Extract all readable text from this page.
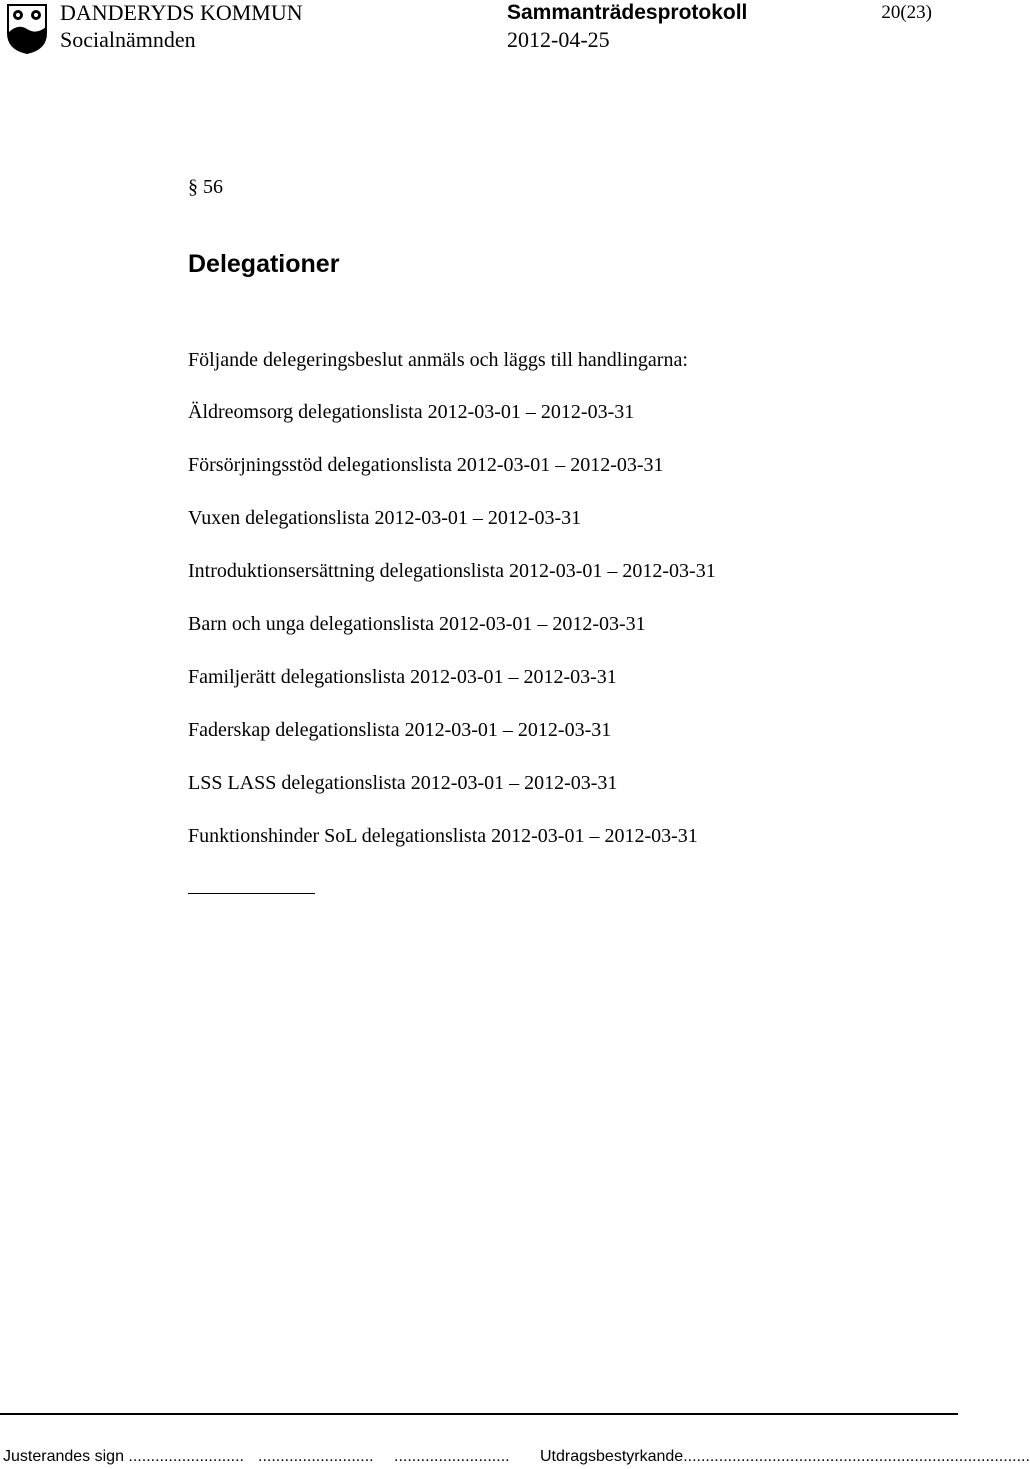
DANDERYDS KOMMUN
Socialnämnden
Sammanträdesprotokoll
2012-04-25
20(23)
§ 56
Delegationer
Följande delegeringsbeslut anmäls och läggs till handlingarna:
Äldreomsorg delegationslista 2012-03-01 – 2012-03-31
Försörjningsstöd delegationslista 2012-03-01 – 2012-03-31
Vuxen delegationslista 2012-03-01 – 2012-03-31
Introduktionsersättning delegationslista 2012-03-01 – 2012-03-31
Barn och unga delegationslista 2012-03-01 – 2012-03-31
Familjerätt delegationslista 2012-03-01 – 2012-03-31
Faderskap delegationslista 2012-03-01 – 2012-03-31
LSS LASS delegationslista 2012-03-01 – 2012-03-31
Funktionshinder SoL delegationslista 2012-03-01 – 2012-03-31
Justerandes sign .......................... .......................... .......................... Utdragsbestyrkande..............................................................................
